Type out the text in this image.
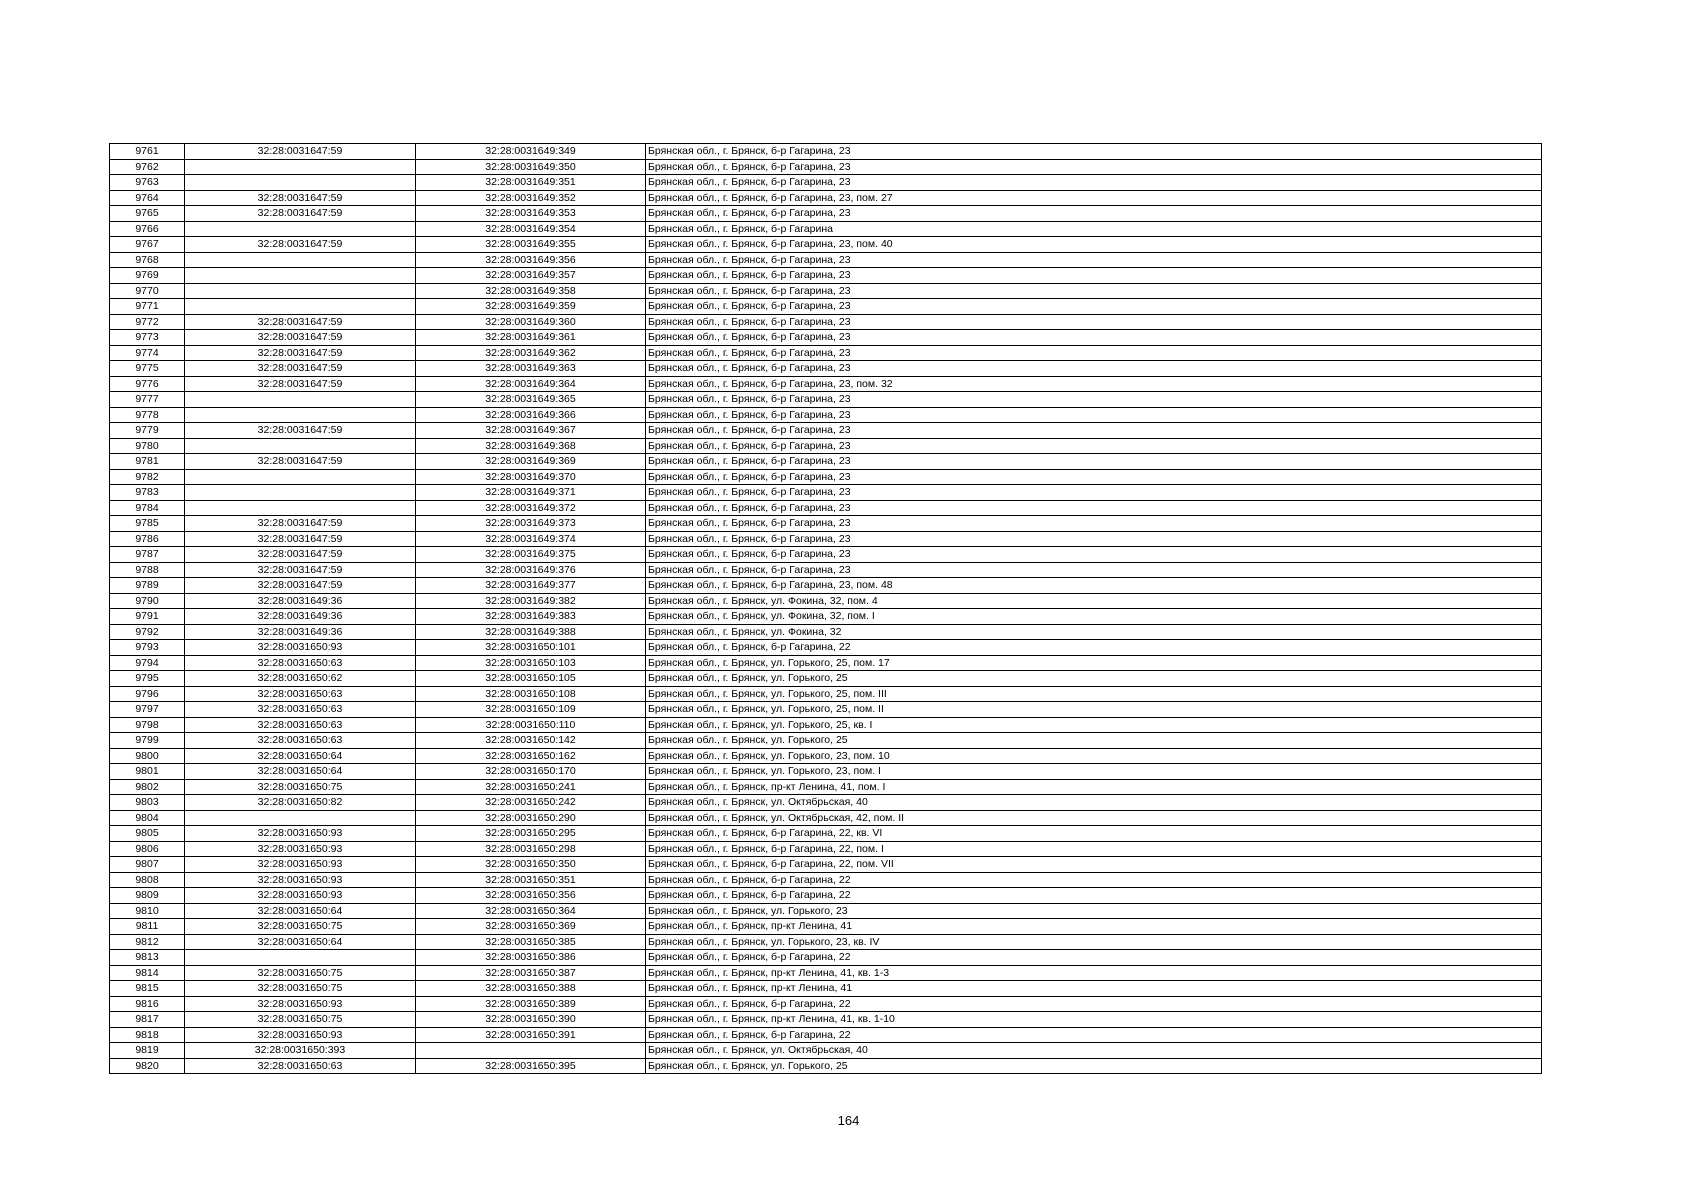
9761	32:28:0031647:59	32:28:0031649:349	Брянская обл., г. Брянск, б-р Гагарина, 23
9762		32:28:0031649:350	Брянская обл., г. Брянск, б-р Гагарина, 23
9763		32:28:0031649:351	Брянская обл., г. Брянск, б-р Гагарина, 23
9764	32:28:0031647:59	32:28:0031649:352	Брянская обл., г. Брянск, б-р Гагарина, 23, пом. 27
9765	32:28:0031647:59	32:28:0031649:353	Брянская обл., г. Брянск, б-р Гагарина, 23
9766		32:28:0031649:354	Брянская обл., г. Брянск, б-р Гагарина
9767	32:28:0031647:59	32:28:0031649:355	Брянская обл., г. Брянск, б-р Гагарина, 23, пом. 40
9768		32:28:0031649:356	Брянская обл., г. Брянск, б-р Гагарина, 23
9769		32:28:0031649:357	Брянская обл., г. Брянск, б-р Гагарина, 23
9770		32:28:0031649:358	Брянская обл., г. Брянск, б-р Гагарина, 23
9771		32:28:0031649:359	Брянская обл., г. Брянск, б-р Гагарина, 23
9772	32:28:0031647:59	32:28:0031649:360	Брянская обл., г. Брянск, б-р Гагарина, 23
9773	32:28:0031647:59	32:28:0031649:361	Брянская обл., г. Брянск, б-р Гагарина, 23
9774	32:28:0031647:59	32:28:0031649:362	Брянская обл., г. Брянск, б-р Гагарина, 23
9775	32:28:0031647:59	32:28:0031649:363	Брянская обл., г. Брянск, б-р Гагарина, 23
9776	32:28:0031647:59	32:28:0031649:364	Брянская обл., г. Брянск, б-р Гагарина, 23, пом. 32
9777		32:28:0031649:365	Брянская обл., г. Брянск, б-р Гагарина, 23
9778		32:28:0031649:366	Брянская обл., г. Брянск, б-р Гагарина, 23
9779	32:28:0031647:59	32:28:0031649:367	Брянская обл., г. Брянск, б-р Гагарина, 23
9780		32:28:0031649:368	Брянская обл., г. Брянск, б-р Гагарина, 23
9781	32:28:0031647:59	32:28:0031649:369	Брянская обл., г. Брянск, б-р Гагарина, 23
9782		32:28:0031649:370	Брянская обл., г. Брянск, б-р Гагарина, 23
9783		32:28:0031649:371	Брянская обл., г. Брянск, б-р Гагарина, 23
9784		32:28:0031649:372	Брянская обл., г. Брянск, б-р Гагарина, 23
9785	32:28:0031647:59	32:28:0031649:373	Брянская обл., г. Брянск, б-р Гагарина, 23
9786	32:28:0031647:59	32:28:0031649:374	Брянская обл., г. Брянск, б-р Гагарина, 23
9787	32:28:0031647:59	32:28:0031649:375	Брянская обл., г. Брянск, б-р Гагарина, 23
9788	32:28:0031647:59	32:28:0031649:376	Брянская обл., г. Брянск, б-р Гагарина, 23
9789	32:28:0031647:59	32:28:0031649:377	Брянская обл., г. Брянск, б-р Гагарина, 23, пом. 48
9790	32:28:0031649:36	32:28:0031649:382	Брянская обл., г. Брянск, ул. Фокина, 32, пом. 4
9791	32:28:0031649:36	32:28:0031649:383	Брянская обл., г. Брянск, ул. Фокина, 32, пом. I
9792	32:28:0031649:36	32:28:0031649:388	Брянская обл., г. Брянск, ул. Фокина, 32
9793	32:28:0031650:93	32:28:0031650:101	Брянская обл., г. Брянск, б-р Гагарина, 22
9794	32:28:0031650:63	32:28:0031650:103	Брянская обл., г. Брянск, ул. Горького, 25, пом. 17
9795	32:28:0031650:62	32:28:0031650:105	Брянская обл., г. Брянск, ул. Горького, 25
9796	32:28:0031650:63	32:28:0031650:108	Брянская обл., г. Брянск, ул. Горького, 25, пом. III
9797	32:28:0031650:63	32:28:0031650:109	Брянская обл., г. Брянск, ул. Горького, 25, пом. II
9798	32:28:0031650:63	32:28:0031650:110	Брянская обл., г. Брянск, ул. Горького, 25, кв. I
9799	32:28:0031650:63	32:28:0031650:142	Брянская обл., г. Брянск, ул. Горького, 25
9800	32:28:0031650:64	32:28:0031650:162	Брянская обл., г. Брянск, ул. Горького, 23, пом. 10
9801	32:28:0031650:64	32:28:0031650:170	Брянская обл., г. Брянск, ул. Горького, 23, пом. I
9802	32:28:0031650:75	32:28:0031650:241	Брянская обл., г. Брянск, пр-кт Ленина, 41, пом. I
9803	32:28:0031650:82	32:28:0031650:242	Брянская обл., г. Брянск, ул. Октябрьская, 40
9804		32:28:0031650:290	Брянская обл., г. Брянск, ул. Октябрьская, 42, пом. II
9805	32:28:0031650:93	32:28:0031650:295	Брянская обл., г. Брянск, б-р Гагарина, 22, кв. VI
9806	32:28:0031650:93	32:28:0031650:298	Брянская обл., г. Брянск, б-р Гагарина, 22, пом. I
9807	32:28:0031650:93	32:28:0031650:350	Брянская обл., г. Брянск, б-р Гагарина, 22, пом. VII
9808	32:28:0031650:93	32:28:0031650:351	Брянская обл., г. Брянск, б-р Гагарина, 22
9809	32:28:0031650:93	32:28:0031650:356	Брянская обл., г. Брянск, б-р Гагарина, 22
9810	32:28:0031650:64	32:28:0031650:364	Брянская обл., г. Брянск, ул. Горького, 23
9811	32:28:0031650:75	32:28:0031650:369	Брянская обл., г. Брянск, пр-кт Ленина, 41
9812	32:28:0031650:64	32:28:0031650:385	Брянская обл., г. Брянск, ул. Горького, 23, кв. IV
9813		32:28:0031650:386	Брянская обл., г. Брянск, б-р Гагарина, 22
9814	32:28:0031650:75	32:28:0031650:387	Брянская обл., г. Брянск, пр-кт Ленина, 41, кв. 1-3
9815	32:28:0031650:75	32:28:0031650:388	Брянская обл., г. Брянск, пр-кт Ленина, 41
9816	32:28:0031650:93	32:28:0031650:389	Брянская обл., г. Брянск, б-р Гагарина, 22
9817	32:28:0031650:75	32:28:0031650:390	Брянская обл., г. Брянск, пр-кт Ленина, 41, кв. 1-10
9818	32:28:0031650:93	32:28:0031650:391	Брянская обл., г. Брянск, б-р Гагарина, 22
9819	32:28:0031650:393		Брянская обл., г. Брянск, ул. Октябрьская, 40
9820	32:28:0031650:63	32:28:0031650:395	Брянская обл., г. Брянск, ул. Горького, 25
164
